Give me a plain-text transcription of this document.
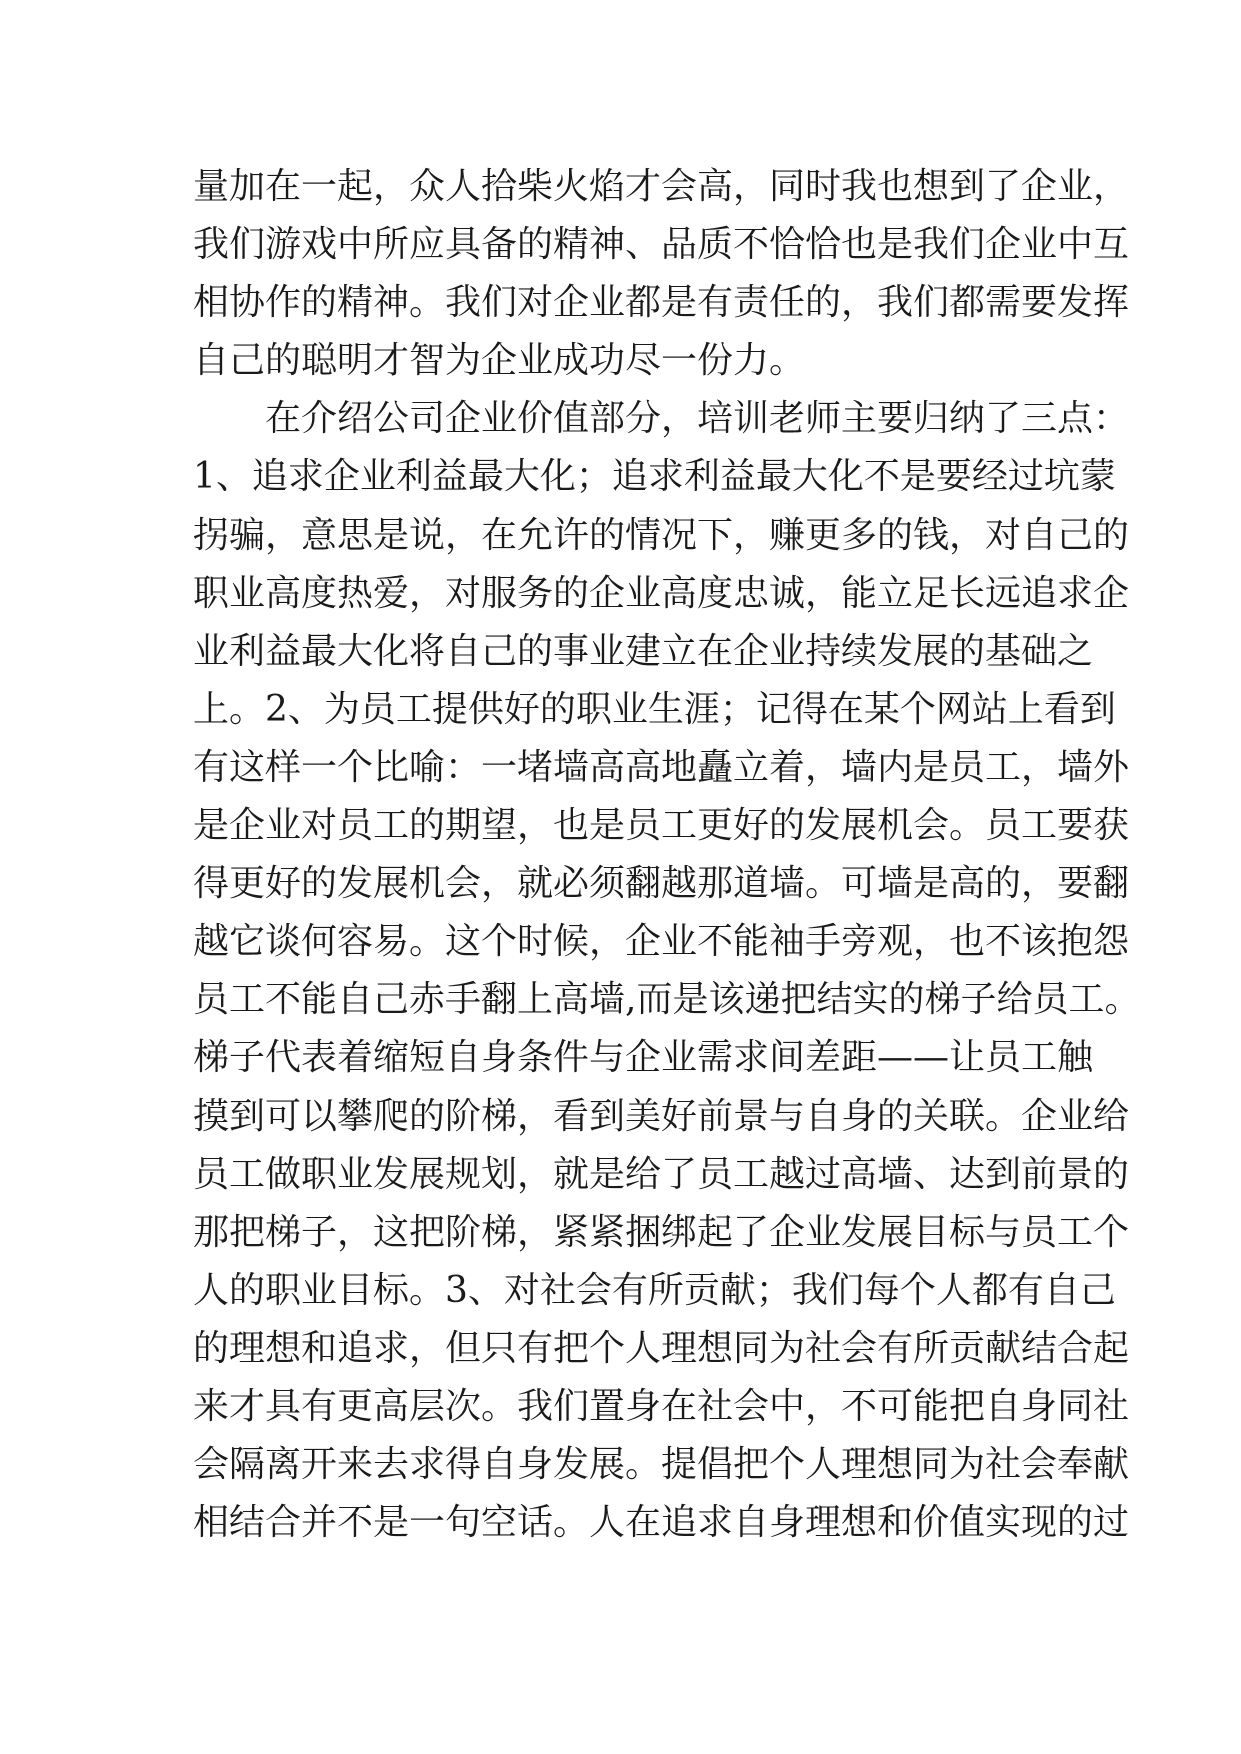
量加在一起，众人拾柴火焰才会高，同时我也想到了企业，
我们游戏中所应具备的精神、品质不恰恰也是我们企业中互
相协作的精神。我们对企业都是有责任的，我们都需要发挥
自己的聪明才智为企业成功尽一份力。
在介绍公司企业价值部分，培训老师主要归纳了三点：
1、追求企业利益最大化；追求利益最大化不是要经过坑蒙
拐骗，意思是说，在允许的情况下，赚更多的钱，对自己的
职业高度热爱，对服务的企业高度忠诚，能立足长远追求企
业利益最大化将自己的事业建立在企业持续发展的基础之
上。2、为员工提供好的职业生涯；记得在某个网站上看到
有这样一个比喻：一堵墙高高地矗立着，墙内是员工，墙外
是企业对员工的期望，也是员工更好的发展机会。员工要获
得更好的发展机会，就必须翻越那道墙。可墙是高的，要翻
越它谈何容易。这个时候，企业不能袖手旁观，也不该抱怨
员工不能自己赤手翻上高墙,而是该递把结实的梯子给员工。
梯子代表着缩短自身条件与企业需求间差距——让员工触
摸到可以攀爬的阶梯，看到美好前景与自身的关联。企业给
员工做职业发展规划，就是给了员工越过高墙、达到前景的
那把梯子，这把阶梯，紧紧捆绑起了企业发展目标与员工个
人的职业目标。3、对社会有所贡献；我们每个人都有自己
的理想和追求，但只有把个人理想同为社会有所贡献结合起
来才具有更高层次。我们置身在社会中，不可能把自身同社
会隔离开来去求得自身发展。提倡把个人理想同为社会奉献
相结合并不是一句空话。人在追求自身理想和价值实现的过
